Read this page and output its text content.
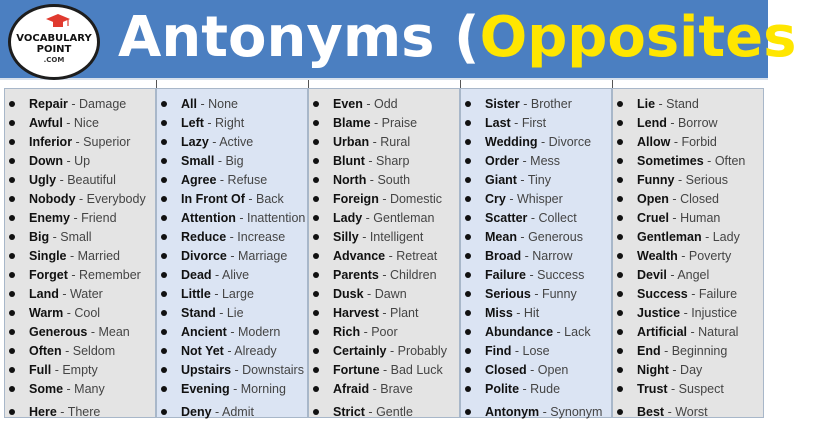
VOCABULARY
POINT
.COM Antonyms (Opposites)
Repair - Damage
Awful - Nice
Inferior - Superior
Down - Up
Ugly - Beautiful
Nobody - Everybody
Enemy - Friend
Big - Small
Single - Married
Forget - Remember
Land - Water
Warm - Cool
Generous - Mean
Often - Seldom
Full - Empty
Some - Many
Here - There
All - None
Left - Right
Lazy - Active
Small - Big
Agree - Refuse
In Front Of - Back
Attention - Inattention
Reduce - Increase
Divorce - Marriage
Dead - Alive
Little - Large
Stand - Lie
Ancient - Modern
Not Yet - Already
Upstairs - Downstairs
Evening - Morning
Deny - Admit
Even - Odd
Blame - Praise
Urban - Rural
Blunt - Sharp
North - South
Foreign - Domestic
Lady - Gentleman
Silly - Intelligent
Advance - Retreat
Parents - Children
Dusk - Dawn
Harvest - Plant
Rich - Poor
Certainly - Probably
Fortune - Bad Luck
Afraid - Brave
Strict - Gentle
Sister - Brother
Last - First
Wedding - Divorce
Order - Mess
Giant - Tiny
Cry - Whisper
Scatter - Collect
Mean - Generous
Broad - Narrow
Failure - Success
Serious - Funny
Miss - Hit
Abundance - Lack
Find - Lose
Closed - Open
Polite - Rude
Antonym - Synonym
Lie - Stand
Lend - Borrow
Allow - Forbid
Sometimes - Often
Funny - Serious
Open - Closed
Cruel - Human
Gentleman - Lady
Wealth - Poverty
Devil - Angel
Success - Failure
Justice - Injustice
Artificial - Natural
End - Beginning
Night - Day
Trust - Suspect
Best - Worst
